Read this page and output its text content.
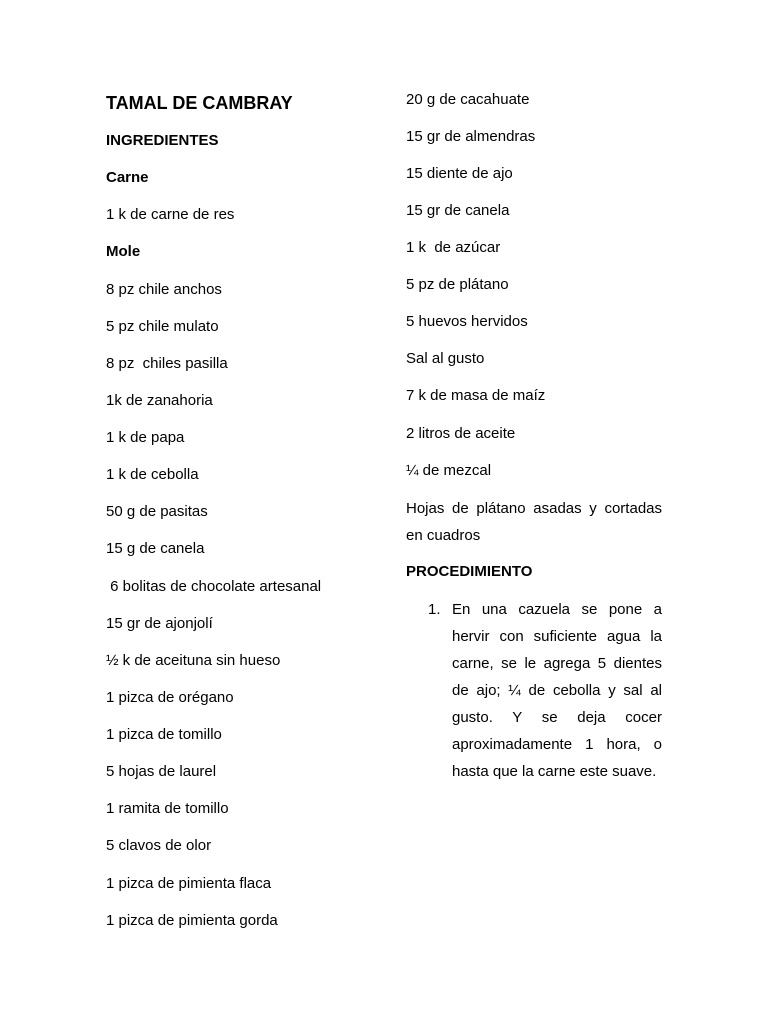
TAMAL DE CAMBRAY
INGREDIENTES
Carne
1 k de carne de res
Mole
8 pz chile anchos
5 pz chile mulato
8 pz  chiles pasilla
1k de zanahoria
1 k de papa
1 k de cebolla
50 g de pasitas
15 g de canela
6 bolitas de chocolate artesanal
15 gr de ajonjolí
½ k de aceituna sin hueso
1 pizca de orégano
1 pizca de tomillo
5 hojas de laurel
1 ramita de tomillo
5 clavos de olor
1 pizca de pimienta flaca
1 pizca de pimienta gorda
20 g de cacahuate
15 gr de almendras
15 diente de ajo
15 gr de canela
1 k  de azúcar
5 pz de plátano
5 huevos hervidos
Sal al gusto
7 k de masa de maíz
2 litros de aceite
¼ de mezcal
Hojas de plátano asadas y cortadas en cuadros
PROCEDIMIENTO
1. En una cazuela se pone a hervir con suficiente agua la carne, se le agrega 5 dientes de ajo; ¼ de cebolla y sal al gusto. Y se deja cocer aproximadamente 1 hora, o hasta que la carne este suave.
